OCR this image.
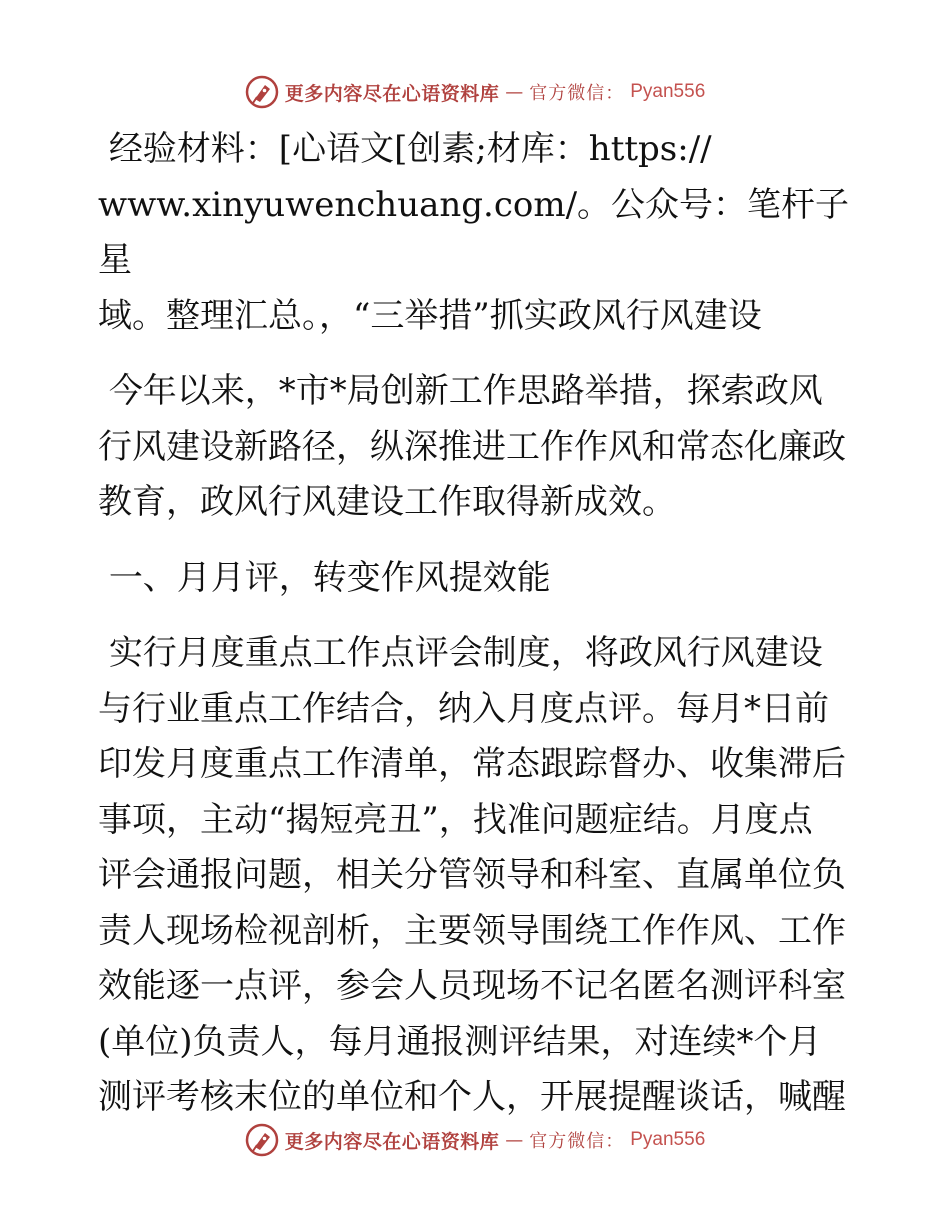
更多内容尽在心语资料库 — 官方微信： Pyan556

经验材料：[心语文[创素;材库：https://
www.xinyuwenchuang.com/。公众号：笔杆子星
域。整理汇总。，“三举措”抓实政风行风建设

今年以来，*市*局创新工作思路举措，探索政风
行风建设新路径，纵深推进工作作风和常态化廉政
教育，政风行风建设工作取得新成效。

一、月月评，转变作风提效能

实行月度重点工作点评会制度，将政风行风建设
与行业重点工作结合，纳入月度点评。每月*日前
印发月度重点工作清单，常态跟踪督办、收集滞后
事项，主动“揭短亮丑”，找准问题症结。月度点
评会通报问题，相关分管领导和科室、直属单位负
责人现场检视剖析，主要领导围绕工作作风、工作
效能逐一点评，参会人员现场不记名匿名测评科室
(单位)负责人，每月通报测评结果，对连续*个月
测评考核末位的单位和个人，开展提醒谈话，喊醒

更多内容尽在心语资料库 — 官方微信： Pyan556
